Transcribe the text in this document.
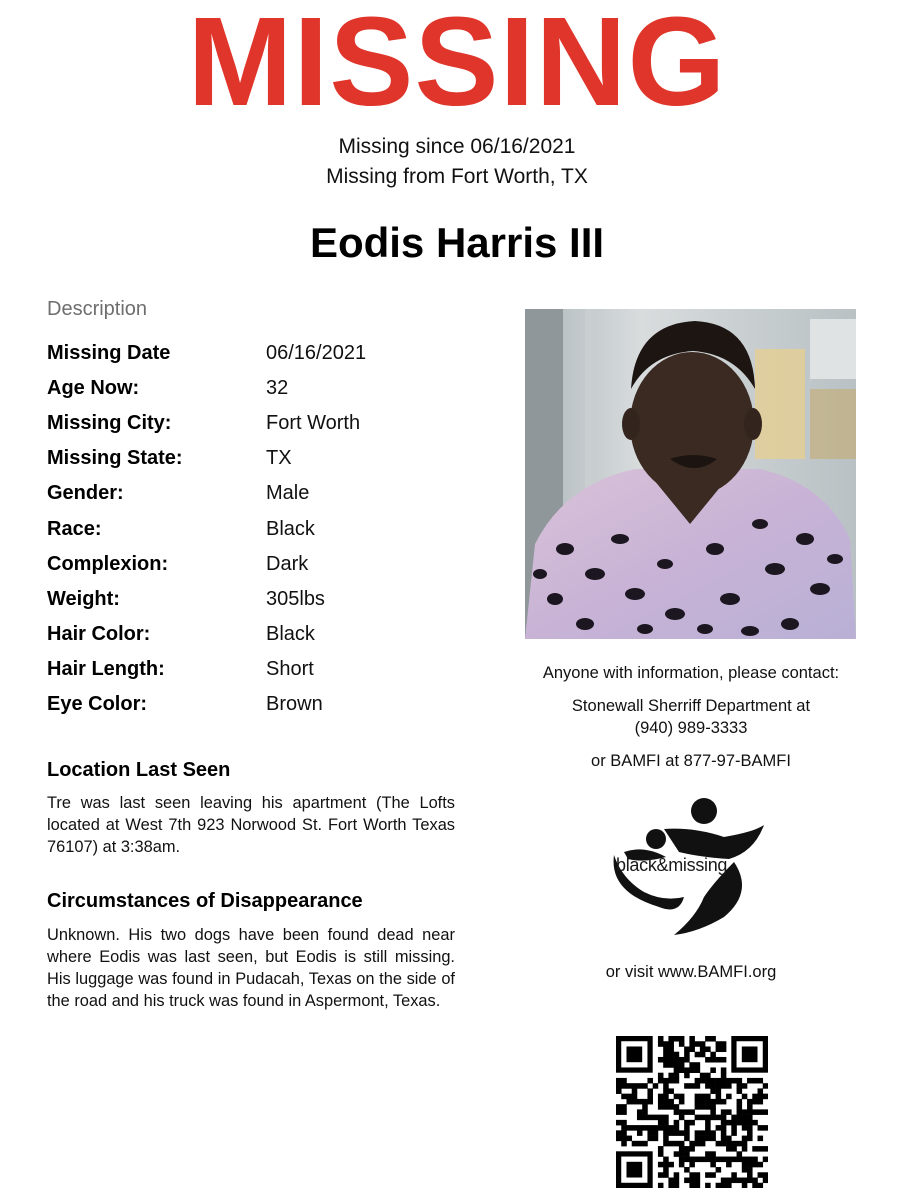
MISSING
Missing since 06/16/2021
Missing from Fort Worth, TX
Eodis Harris III
Description
Missing Date	06/16/2021
Age Now:	32
Missing City:	Fort Worth
Missing State:	TX
Gender:	Male
Race:	Black
Complexion:	Dark
Weight:	305lbs
Hair Color:	Black
Hair Length:	Short
Eye Color:	Brown
Location Last Seen
Tre was last seen leaving his apartment (The Lofts located at West 7th 923 Norwood St. Fort Worth Texas 76107) at 3:38am.
Circumstances of Disappearance
Unknown. His two dogs have been found dead near where Eodis was last seen, but Eodis is still missing. His luggage was found in Pudacah, Texas on the side of the road and his truck was found in Aspermont, Texas.
Anyone with information, please contact:
Stonewall Sherriff Department at
(940) 989-3333
or BAMFI at 877-97-BAMFI
black&missing
or visit www.BAMFI.org
